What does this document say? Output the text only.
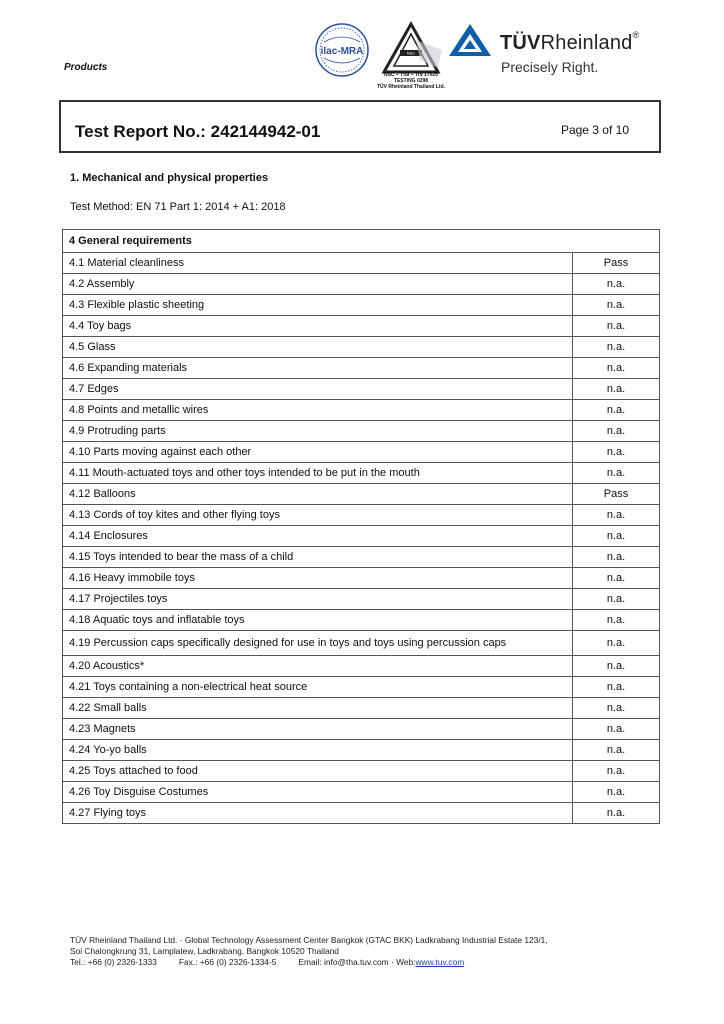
Products
ilac-MRA	NSC
NSC – TISI – TIS 17025
TESTING 0298
TÜV Rheinland Thailand Ltd.
TÜVRheinland®
Precisely Right.
Test Report No.: 242144942-01	Page 3 of 10
1. Mechanical and physical properties
Test Method: EN 71 Part 1: 2014 + A1: 2018
4 General requirements	
4.1 Material cleanliness	Pass
4.2 Assembly	n.a.
4.3 Flexible plastic sheeting	n.a.
4.4 Toy bags	n.a.
4.5 Glass	n.a.
4.6 Expanding materials	n.a.
4.7 Edges	n.a.
4.8 Points and metallic wires	n.a.
4.9 Protruding parts	n.a.
4.10 Parts moving against each other	n.a.
4.11 Mouth-actuated toys and other toys intended to be put in the mouth	n.a.
4.12 Balloons	Pass
4.13 Cords of toy kites and other flying toys	n.a.
4.14 Enclosures	n.a.
4.15 Toys intended to bear the mass of a child	n.a.
4.16 Heavy immobile toys	n.a.
4.17 Projectiles toys	n.a.
4.18 Aquatic toys and inflatable toys	n.a.
4.19 Percussion caps specifically designed for use in toys and toys using percussion caps	n.a.
4.20 Acoustics*	n.a.
4.21 Toys containing a non-electrical heat source	n.a.
4.22 Small balls	n.a.
4.23 Magnets	n.a.
4.24 Yo-yo balls	n.a.
4.25 Toys attached to food	n.a.
4.26 Toy Disguise Costumes	n.a.
4.27 Flying toys	n.a.
TÜV Rheinland Thailand Ltd. · Global Technology Assessment Center Bangkok (GTAC BKK) Ladkrabang Industrial Estate 123/1,
Soi Chalongkrung 31, Lamplatew, Ladkrabang, Bangkok 10520 Thailand
Tel.: +66 (0) 2326-1333	Fax.: +66 (0) 2326-1334-5	Email: info@tha.tuv.com · Web:www.tuv.com
